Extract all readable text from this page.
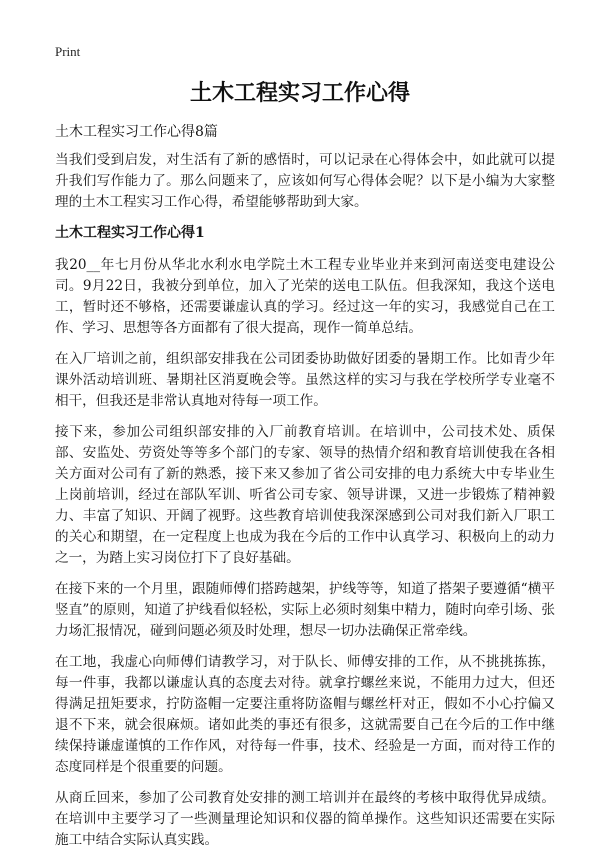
Print
土木工程实习工作心得

土木工程实习工作心得8篇

当我们受到启发，对生活有了新的感悟时，可以记录在心得体会中，如此就可以提升我们写作能力了。那么问题来了，应该如何写心得体会呢？以下是小编为大家整理的土木工程实习工作心得，希望能够帮助到大家。

土木工程实习工作心得1

我20__年七月份从华北水利水电学院土木工程专业毕业并来到河南送变电建设公司。9月22日，我被分到单位，加入了光荣的送电工队伍。但我深知，我这个送电工，暂时还不够格，还需要谦虚认真的学习。经过这一年的实习，我感觉自己在工作、学习、思想等各方面都有了很大提高，现作一简单总结。

在入厂培训之前，组织部安排我在公司团委协助做好团委的暑期工作。比如青少年课外活动培训班、暑期社区消夏晚会等。虽然这样的实习与我在学校所学专业毫不相干，但我还是非常认真地对待每一项工作。

接下来，参加公司组织部安排的入厂前教育培训。在培训中，公司技术处、质保部、安监处、劳资处等等多个部门的专家、领导的热情介绍和教育培训使我在各相关方面对公司有了新的熟悉，接下来又参加了省公司安排的电力系统大中专毕业生上岗前培训，经过在部队军训、听省公司专家、领导讲课，又进一步锻炼了精神毅力、丰富了知识、开阔了视野。这些教育培训使我深深感到公司对我们新入厂职工的关心和期望，在一定程度上也成为我在今后的工作中认真学习、积极向上的动力之一，为踏上实习岗位打下了良好基础。

在接下来的一个月里，跟随师傅们搭跨越架，护线等等，知道了搭架子要遵循“横平竖直”的原则，知道了护线看似轻松，实际上必须时刻集中精力，随时向牵引场、张力场汇报情况，碰到问题必须及时处理，想尽一切办法确保正常牵线。

在工地，我虚心向师傅们请教学习，对于队长、师傅安排的工作，从不挑挑拣拣，每一件事，我都以谦虚认真的态度去对待。就拿拧螺丝来说，不能用力过大，但还得满足扭矩要求，拧防盗帽一定要注重将防盗帽与螺丝杆对正，假如不小心拧偏又退不下来，就会很麻烦。诸如此类的事还有很多，这就需要自己在今后的工作中继续保持谦虚谨慎的工作作风，对待每一件事，技术、经验是一方面，而对待工作的态度同样是个很重要的问题。

从商丘回来，参加了公司教育处安排的测工培训并在最终的考核中取得优异成绩。在培训中主要学习了一些测量理论知识和仪器的简单操作。这些知识还需要在实际施工中结合实际认真实践。
